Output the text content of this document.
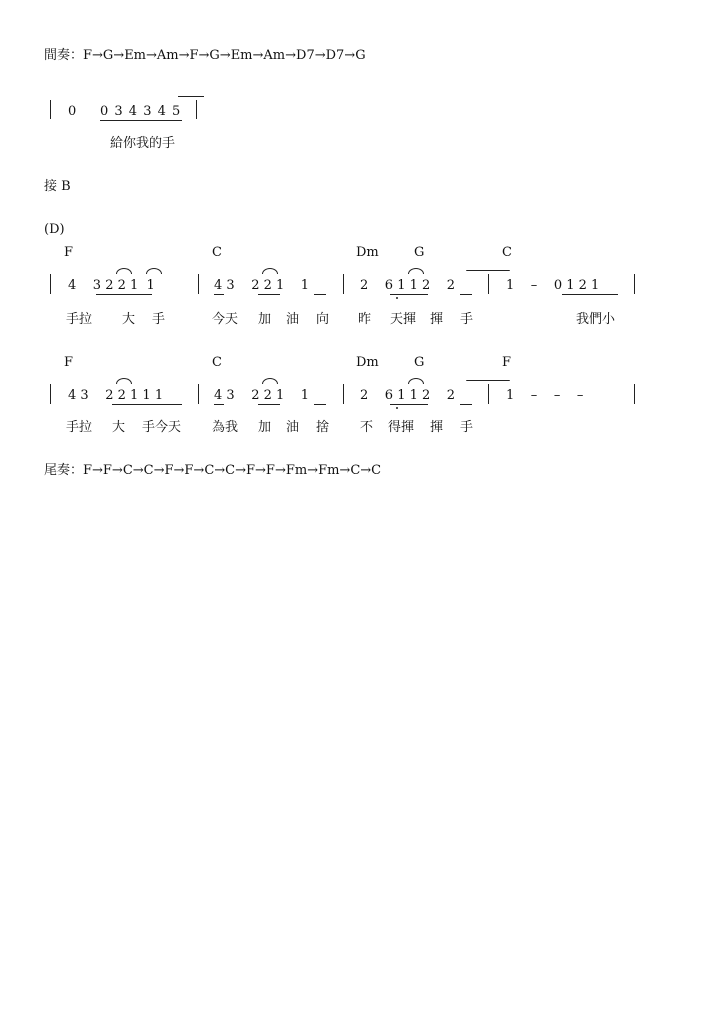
間奏：F→G→Em→Am→F→G→Em→Am→D7→D7→G
0 0 3 4 3 4 5
給你我的手
接 B
(D)
F	C	Dm	G	C
4    3 2 2 1  1	4 3    2 2 1    1	2    6 1 1 2    2	1    –    0 1 2 1
手拉 大 手	今天 加 油 向 昨 天揮 揮 手	我們小
F	C	Dm	G	F
4 3    2 2 1 1 1	4 3    2 2 1    1	2    6 1 1 2    2	1    –    –    –
手拉 大 手今天 為我 加 油 捨 不 得揮 揮 手
尾奏：F→F→C→C→F→F→C→C→F→F→Fm→Fm→C→C
